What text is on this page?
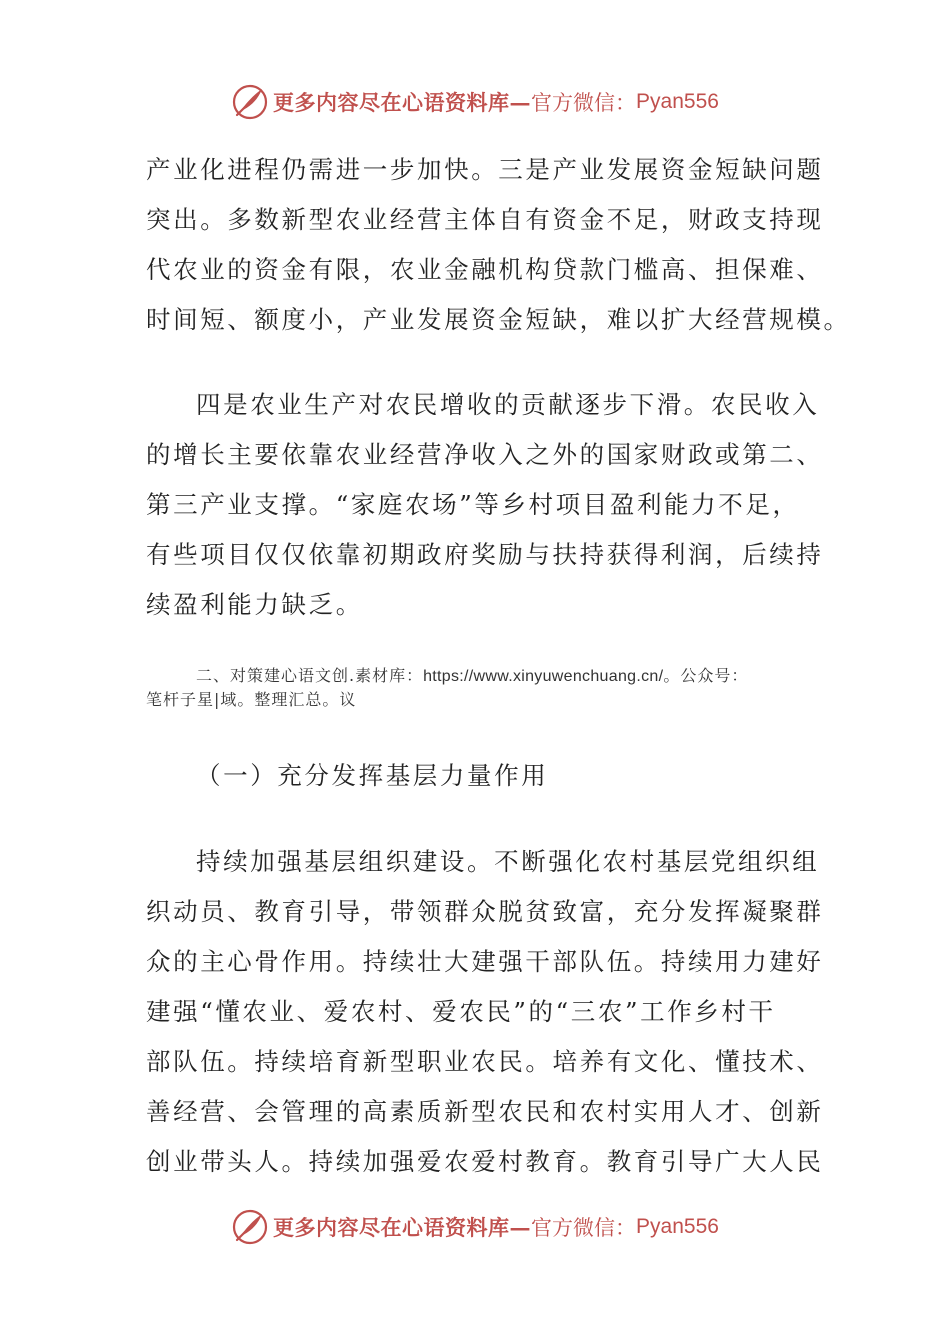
更多内容尽在心语资料库— 官方微信： Pyan556
产业化进程仍需进一步加快。三是产业发展资金短缺问题
突出。多数新型农业经营主体自有资金不足，财政支持现
代农业的资金有限，农业金融机构贷款门槛高、担保难、
时间短、额度小，产业发展资金短缺，难以扩大经营规模。
四是农业生产对农民增收的贡献逐步下滑。农民收入
的增长主要依靠农业经营净收入之外的国家财政或第二、
第三产业支撑。“家庭农场”等乡村项目盈利能力不足，
有些项目仅仅依靠初期政府奖励与扶持获得利润，后续持
续盈利能力缺乏。
二、对策建心语文创.素材库：https://www.xinyuwenchuang.cn/。公众号：
笔杆子星|域。整理汇总。议
（一）充分发挥基层力量作用
持续加强基层组织建设。不断强化农村基层党组织组
织动员、教育引导，带领群众脱贫致富，充分发挥凝聚群
众的主心骨作用。持续壮大建强干部队伍。持续用力建好
建强“懂农业、爱农村、爱农民”的“三农”工作乡村干
部队伍。持续培育新型职业农民。培养有文化、懂技术、
善经营、会管理的高素质新型农民和农村实用人才、创新
创业带头人。持续加强爱农爱村教育。教育引导广大人民
更多内容尽在心语资料库— 官方微信： Pyan556
